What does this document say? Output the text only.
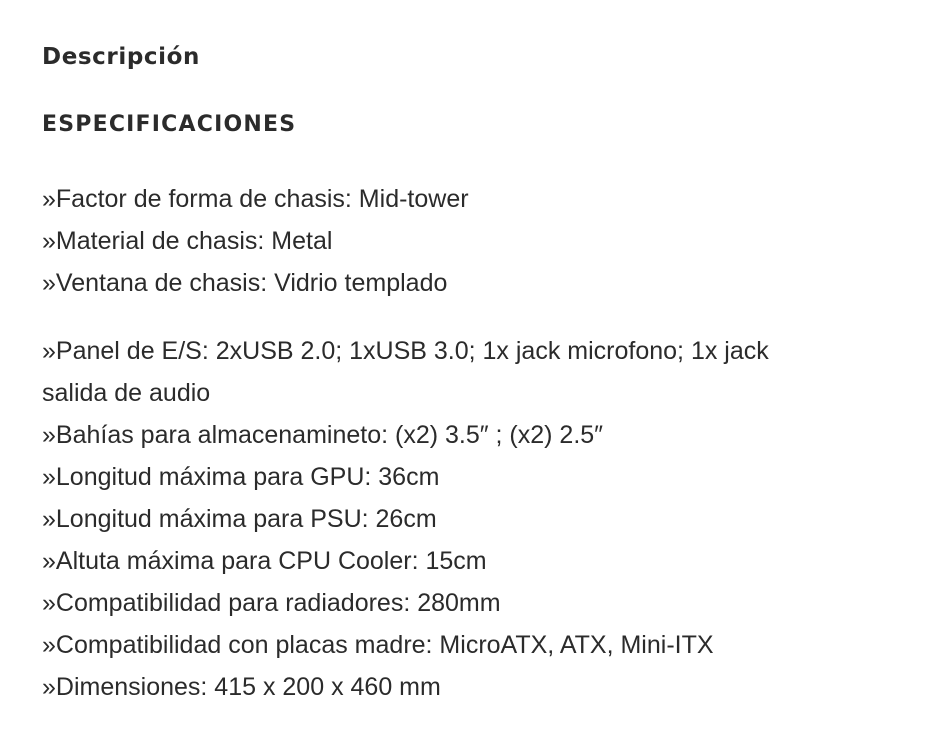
Descripción
ESPECIFICACIONES
»Factor de forma de chasis: Mid-tower
»Material de chasis: Metal
»Ventana de chasis: Vidrio templado
»Panel de E/S: 2xUSB 2.0; 1xUSB 3.0; 1x jack microfono; 1x jack
salida de audio
»Bahías para almacenamineto: (x2) 3.5″ ; (x2) 2.5″
»Longitud máxima para GPU: 36cm
»Longitud máxima para PSU: 26cm
»Altuta máxima para CPU Cooler: 15cm
»Compatibilidad para radiadores: 280mm
»Compatibilidad con placas madre: MicroATX, ATX, Mini-ITX
»Dimensiones: 415 x 200 x 460 mm
